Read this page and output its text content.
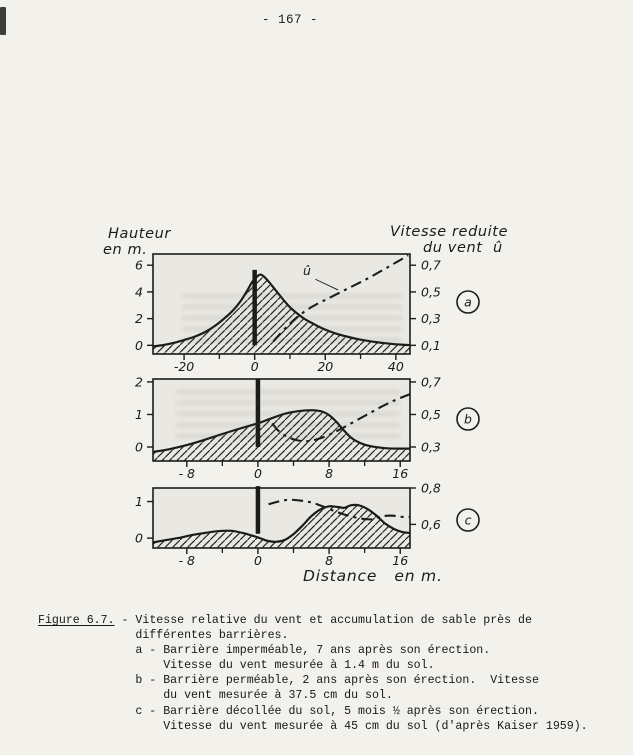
- 167 -
Hauteur
en m.
Vitesse reduite
du vent  û
Distance   en m.
-20	0	20	40
0
2
4
6
0,1
0,3
0,5
0,7
û
a
- 8	0	8	16
0
1
2
0,3
0,5
0,7
b
- 8	0	8	16
0
1
0,6
0,8
c
Figure 6.7. - Vitesse relative du vent et accumulation de sable près de
différentes barrières.
a - Barrière imperméable, 7 ans après son érection.
Vitesse du vent mesurée à 1.4 m du sol.
b - Barrière perméable, 2 ans après son érection.  Vitesse
du vent mesurée à 37.5 cm du sol.
c - Barrière décollée du sol, 5 mois ½ après son érection.
Vitesse du vent mesurée à 45 cm du sol (d'après Kaiser 1959).
